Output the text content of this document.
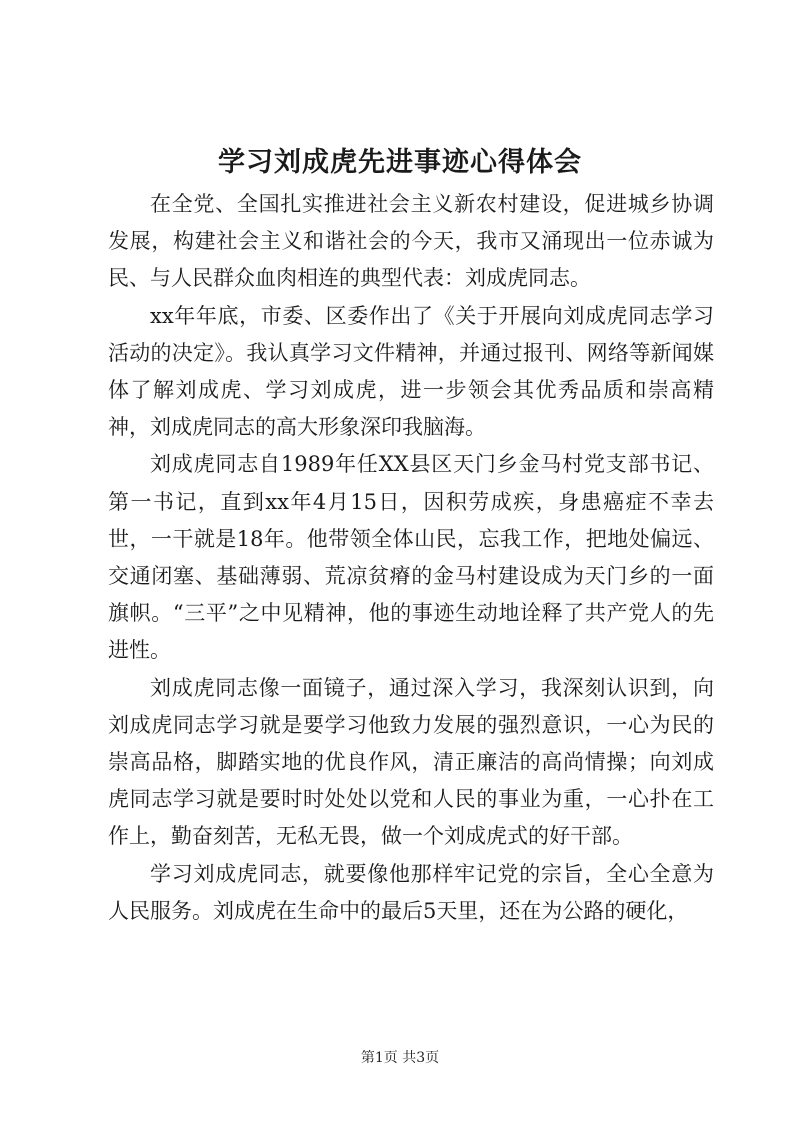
学习刘成虎先进事迹心得体会

在全党、全国扎实推进社会主义新农村建设，促进城乡协调发展，构建社会主义和谐社会的今天，我市又涌现出一位赤诚为民、与人民群众血肉相连的典型代表：刘成虎同志。

xx年年底，市委、区委作出了《关于开展向刘成虎同志学习活动的决定》。我认真学习文件精神，并通过报刊、网络等新闻媒体了解刘成虎、学习刘成虎，进一步领会其优秀品质和崇高精神，刘成虎同志的高大形象深印我脑海。

刘成虎同志自1989年任XX县区天门乡金马村党支部书记、第一书记，直到xx年4月15日，因积劳成疾，身患癌症不幸去世，一干就是18年。他带领全体山民，忘我工作，把地处偏远、交通闭塞、基础薄弱、荒凉贫瘠的金马村建设成为天门乡的一面旗帜。“三平”之中见精神，他的事迹生动地诠释了共产党人的先进性。

刘成虎同志像一面镜子，通过深入学习，我深刻认识到，向刘成虎同志学习就是要学习他致力发展的强烈意识，一心为民的崇高品格，脚踏实地的优良作风，清正廉洁的高尚情操；向刘成虎同志学习就是要时时处处以党和人民的事业为重，一心扑在工作上，勤奋刻苦，无私无畏，做一个刘成虎式的好干部。

学习刘成虎同志，就要像他那样牢记党的宗旨，全心全意为人民服务。刘成虎在生命中的最后5天里，还在为公路的硬化，

第1页 共3页
